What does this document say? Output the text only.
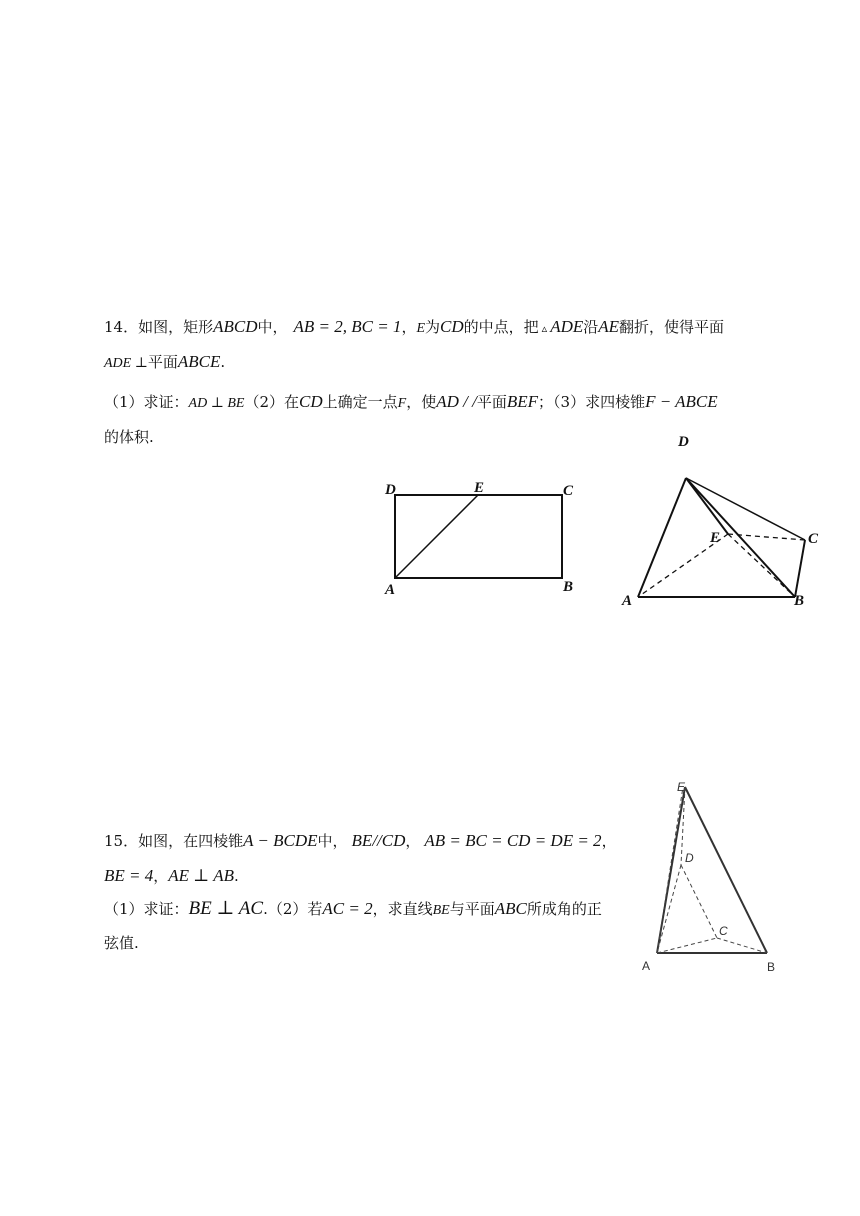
14．如图，矩形ABCD中， AB = 2, BC = 1，E为CD的中点，把 ▵ ADE沿AE翻折，使得平面
ADE ⊥平面ABCE.
（1）求证：AD ⊥ BE（2）在CD上确定一点F，使AD / /平面BEF；（3）求四棱锥F − ABCE
的体积.
D	E	C
A	B
D
E	C
A	B
15．如图，在四棱锥A − BCDE中， BE//CD， AB = BC = CD = DE = 2，
BE = 4，AE ⊥ AB.
（1）求证：BE ⊥ AC.（2）若AC = 2，求直线BE与平面ABC所成角的正
弦值.
E
D
C
A	B
